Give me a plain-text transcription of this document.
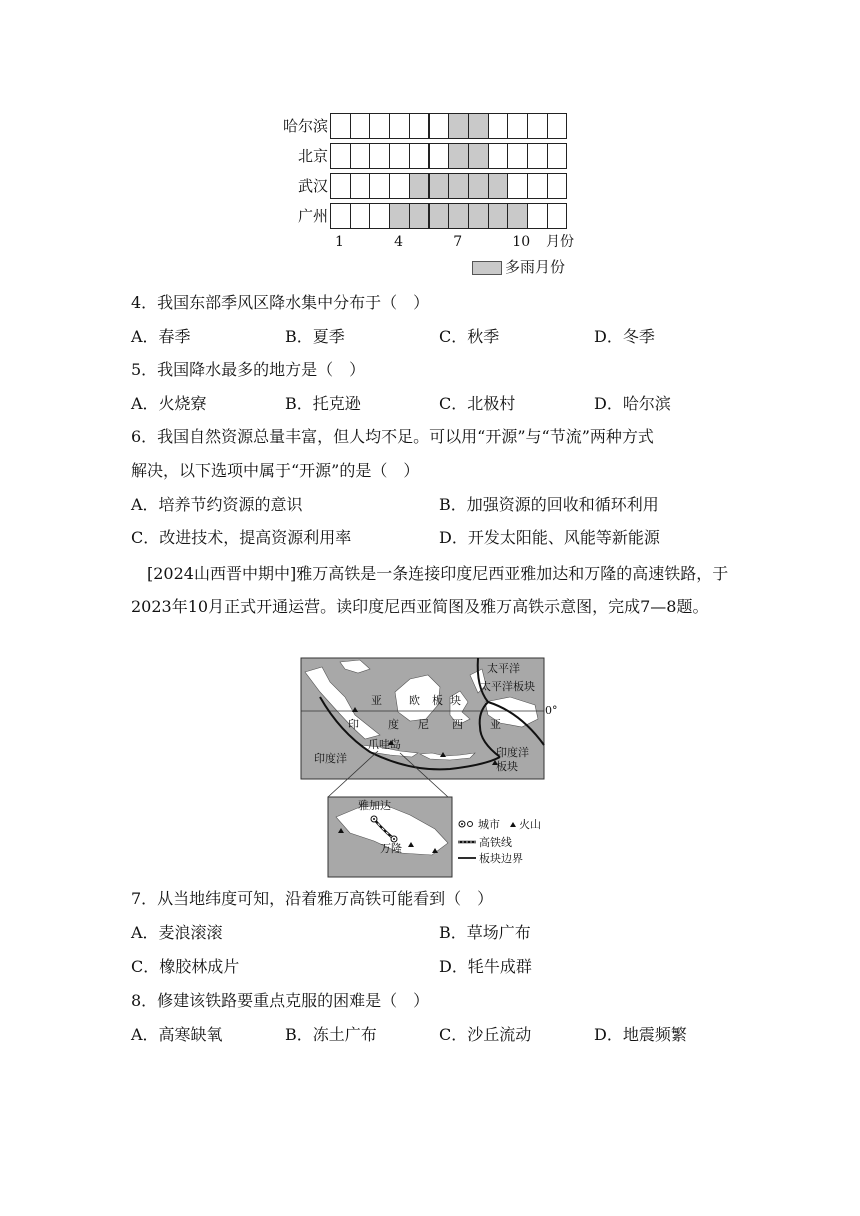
哈尔滨
北京
武汉
广州
1	4	7	10 月份
多雨月份
4．我国东部季风区降水集中分布于（　）
A．春季	B．夏季	C．秋季	D．冬季
5．我国降水最多的地方是（　）
A．火烧寮	B．托克逊	C．北极村	D．哈尔滨
6．我国自然资源总量丰富，但人均不足。可以用“开源”与“节流”两种方式
解决，以下选项中属于“开源”的是（　）
A．培养节约资源的意识	B．加强资源的回收和循环利用
C．改进技术，提高资源利用率	D．开发太阳能、风能等新能源
[2024山西晋中期中]雅万高铁是一条连接印度尼西亚雅加达和万隆的高速铁路，于2023年10月正式开通运营。读印度尼西亚简图及雅万高铁示意图，完成7—8题。
太平洋
太平洋板块
亚 欧 板 块
0°
印	度 尼 西 亚
爪哇岛
印度洋	印度洋
板块
雅加达
万隆
城市 火山
高铁线
板块边界
7．从当地纬度可知，沿着雅万高铁可能看到（　）
A．麦浪滚滚	B．草场广布
C．橡胶林成片	D．牦牛成群
8．修建该铁路要重点克服的困难是（　）
A．高寒缺氧	B．冻土广布	C．沙丘流动	D．地震频繁
